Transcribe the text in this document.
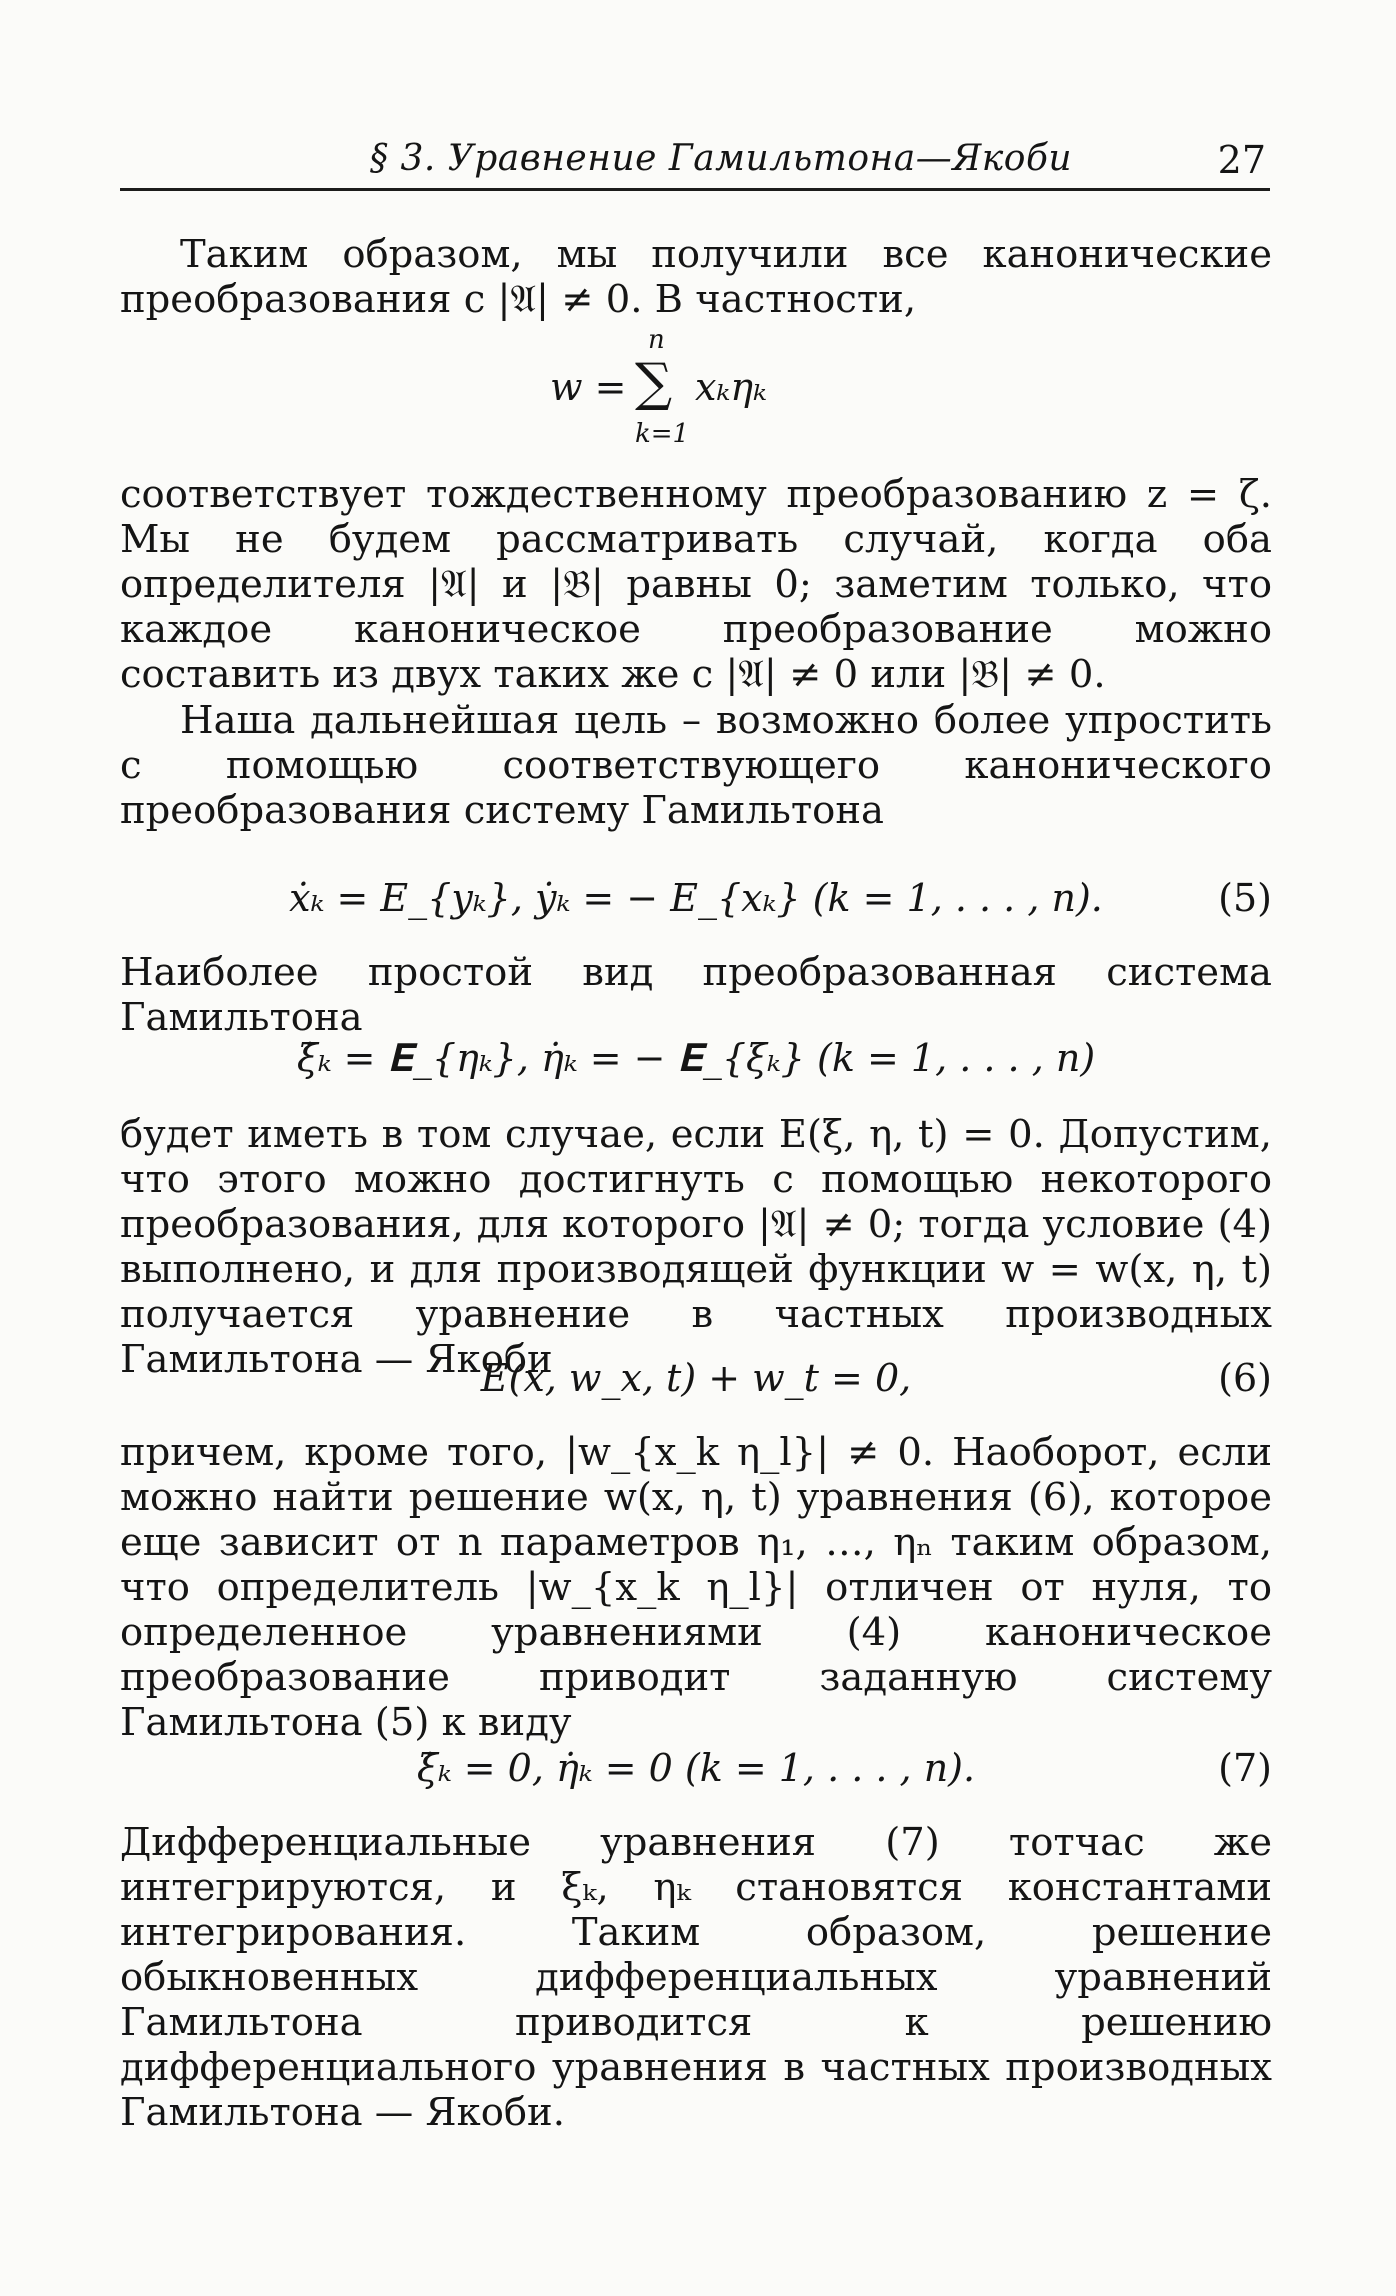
§ 3. Уравнение Гамильтона—Якоби	27

Таким образом, мы получили все канонические преобразования с |𝔄| ≠ 0. В частности,

w =
n
∑
k=1
xₖηₖ

соответствует тождественному преобразованию z = ζ. Мы не будем рассматривать случай, когда оба определителя |𝔄| и |𝔅| равны 0; заметим только, что каждое каноническое преобразование можно составить из двух таких же с |𝔄| ≠ 0 или |𝔅| ≠ 0.

Наша дальнейшая цель – возможно более упростить с помощью соответствующего канонического преобразования систему Гамильтона

ẋₖ = E_{yₖ}, ẏₖ = − E_{xₖ} (k = 1, . . . , n).	(5)

Наиболее простой вид преобразованная система Гамильтона

ξ̇ₖ = 𝐄_{ηₖ}, η̇ₖ = − 𝐄_{ξₖ} (k = 1, . . . , n)

будет иметь в том случае, если E(ξ, η, t) = 0. Допустим, что этого можно достигнуть с помощью некоторого преобразования, для которого |𝔄| ≠ 0; тогда условие (4) выполнено, и для производящей функции w = w(x, η, t) получается уравнение в частных производных Гамильтона — Якоби

E(x, w_x, t) + w_t = 0,	(6)

причем, кроме того, |w_{x_k η_l}| ≠ 0. Наоборот, если можно найти решение w(x, η, t) уравнения (6), которое еще зависит от n параметров η₁, …, ηₙ таким образом, что определитель |w_{x_k η_l}| отличен от нуля, то определенное уравнениями (4) каноническое преобразование приводит заданную систему Гамильтона (5) к виду

ξ̇ₖ = 0, η̇ₖ = 0 (k = 1, . . . , n).	(7)

Дифференциальные уравнения (7) тотчас же интегрируются, и ξₖ, ηₖ становятся константами интегрирования. Таким образом, решение обыкновенных дифференциальных уравнений Гамильтона приводится к решению дифференциального уравнения в частных производных Гамильтона — Якоби.
